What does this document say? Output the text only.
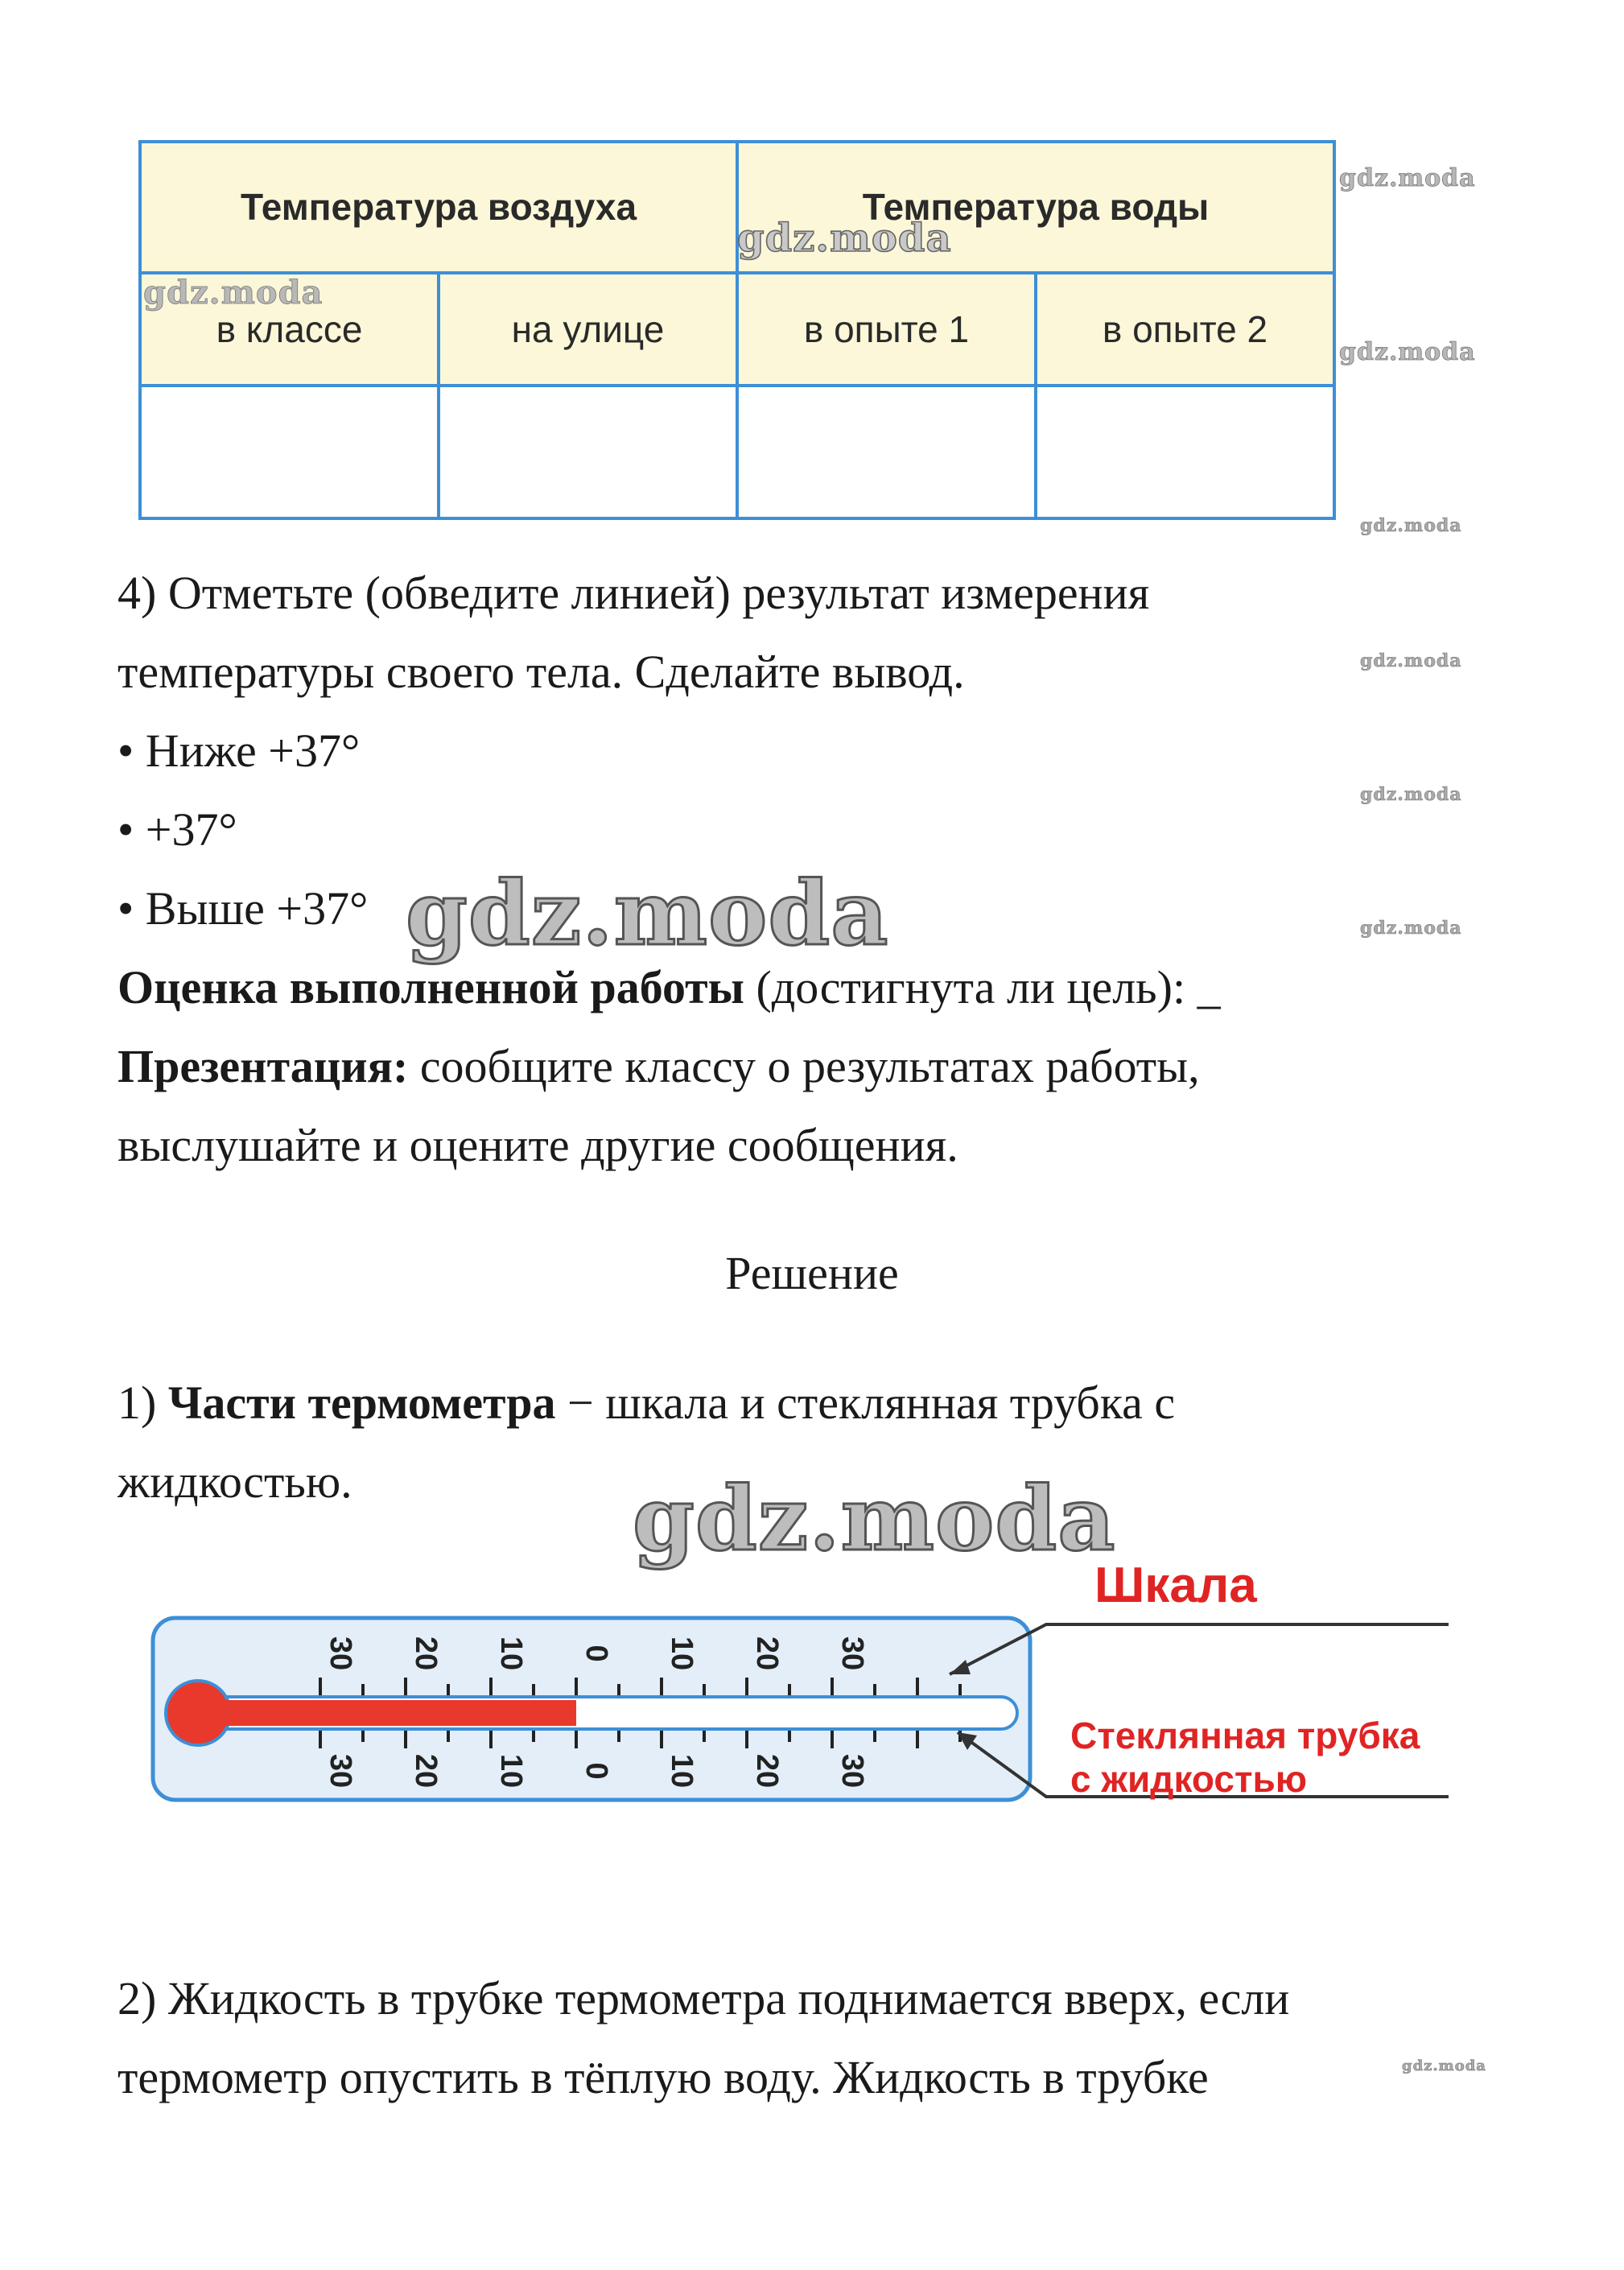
Температура воздуха		Температура воды	
в классе	на улице	в опыте 1	в опыте 2

4) Отметьте (обведите линией) результат измерения
температуры своего тела. Сделайте вывод.
• Ниже +37°
• +37°
• Выше +37°
Оценка выполненной работы (достигнута ли цель): _
Презентация: сообщите классу о результатах работы,
выслушайте и оцените другие сообщения.
Решение
1) Части термометра − шкала и стеклянная трубка с
жидкостью.
30
30
20
20
10
10
0
0
10
10
20
20
30
30
Шкала
Стеклянная трубка
с жидкостью
2) Жидкость в трубке термометра поднимается вверх, если
термометр опустить в тёплую воду. Жидкость в трубке
gdz.moda
gdz.moda
gdz.moda
gdz.moda
gdz.moda
gdz.moda
gdz.moda
gdz.moda
gdz.moda
gdz.moda
gdz.moda
